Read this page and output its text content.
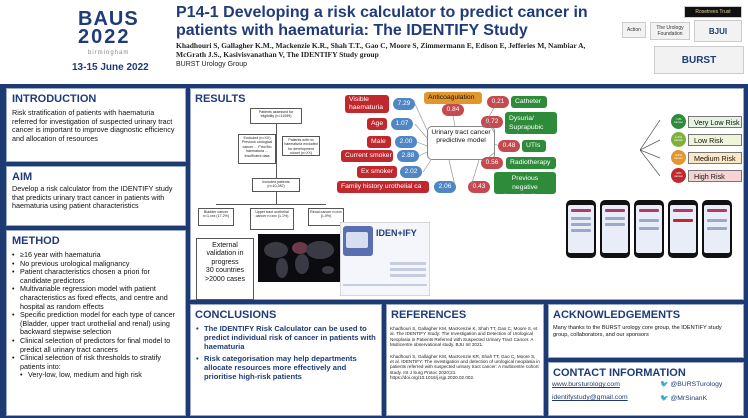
BAUS
2022
birmingham
13-15 June 2022
P14-1 Developing a risk calculator to predict cancer in patients with haematuria: The IDENTIFY Study
Khadhouri S, Gallagher K.M., Mackenzie K.R., Shah T.T., Gao C, Moore S, Zimmermann E, Edison E, Jefferies M, Nambiar A, McGrath J.S., Kasivisvanathan V, The IDENTIFY Study group
BURST Urology Group
Rosetrees Trust
Action	The Urology Foundation	BJUI
BURST
INTRODUCTION
Risk stratification of patients with haematuria referred for investigation of suspected urinary tract cancer is important to improve diagnostic efficiency and allocation of resources
AIM
Develop a risk calculator from the IDENTIFY study that predicts urinary tract cancer in patients with haematuria using patient characteristics
METHOD
• ≥16 year with haematuria
• No previous urological malignancy
• Patient characteristics chosen a priori for candidate predictors
• Multivariable regression model with patient characteristics as fixed effects, and centre and hospital as random effects
• Specific prediction model for each type of cancer (Bladder, upper tract urothelial and renal) using backward stepwise selection
• Clinical selection of predictors for final model to predict all urinary tract cancers
• Clinical selection of risk thresholds to stratify patients into:
• Very-low, low, medium and high risk
RESULTS
Patients assessed for eligibility (n=11059)
Excluded (n=XX) Previous urological cancer ... Prior/No haematuria ... Insufficient data
Patients with no haematuria excluded for development cohort (n=XX)
Included patients (n=10,282)
Bladder cancer n=1,xxx (17.2%)
Upper tract urothelial cancer n=xxx (1.1%)
Renal cancer n=xxx (1.0%)
External
validation in
progress
30 countries
>2000 cases
IDEN+IFY
Urinary tract cancer predictive model
Visible haematuria
7.29
Age	1.07
Male	2.00
Current smoker	2.88
Ex smoker	2.02
Family history urothelial ca	2.06
Anticoagulation
0.84
0.21	Catheter
0.72	Dysuria/ Suprapubic pain
0.48	UTIs
0.56	Radiotherapy
0.43
Previous negative investigations
<1% cancer	Very Low Risk
1-3% cancer	Low Risk
3-8% cancer	Medium Risk
>8% cancer	High Risk
CONCLUSIONS
• The IDENTIFY Risk Calculator can be used to predict individual risk of cancer in patients with haematuria
• Risk categorisation may help departments allocate resources more effectively and prioritise high-risk patients
REFERENCES
Khadhouri S, Gallagher KM, MacKenzie K, Shah TT, Gao C, Moore S, et al. The IDENTIFY Study: The Investigation and Detection of Urological Neoplasia in Patients Referred with Suspected Urinary Tract Cancer. A Multicentre observational study. BJU Int 2021.
Khadhouri S, Gallagher KM, MacKenzie KR, Shah TT, Gao C, Moore S, et al. IDENTIFY: The investigation and detection of urological neoplasia in patients referred with suspected urinary tract cancer: A multicentre cohort study. Int J Surg Protoc 2020;21. https://doi.org/10.1016/j.isjp.2020.02.002.
ACKNOWLEDGEMENTS
Many thanks to the BURST urology core group, the IDENTIFY study group, collaborators, and our sponsors
CONTACT INFORMATION
www.bursturology.com
identifystudy@gmail.com
🐦 @BURSTurology
🐦 @MrSinanK
